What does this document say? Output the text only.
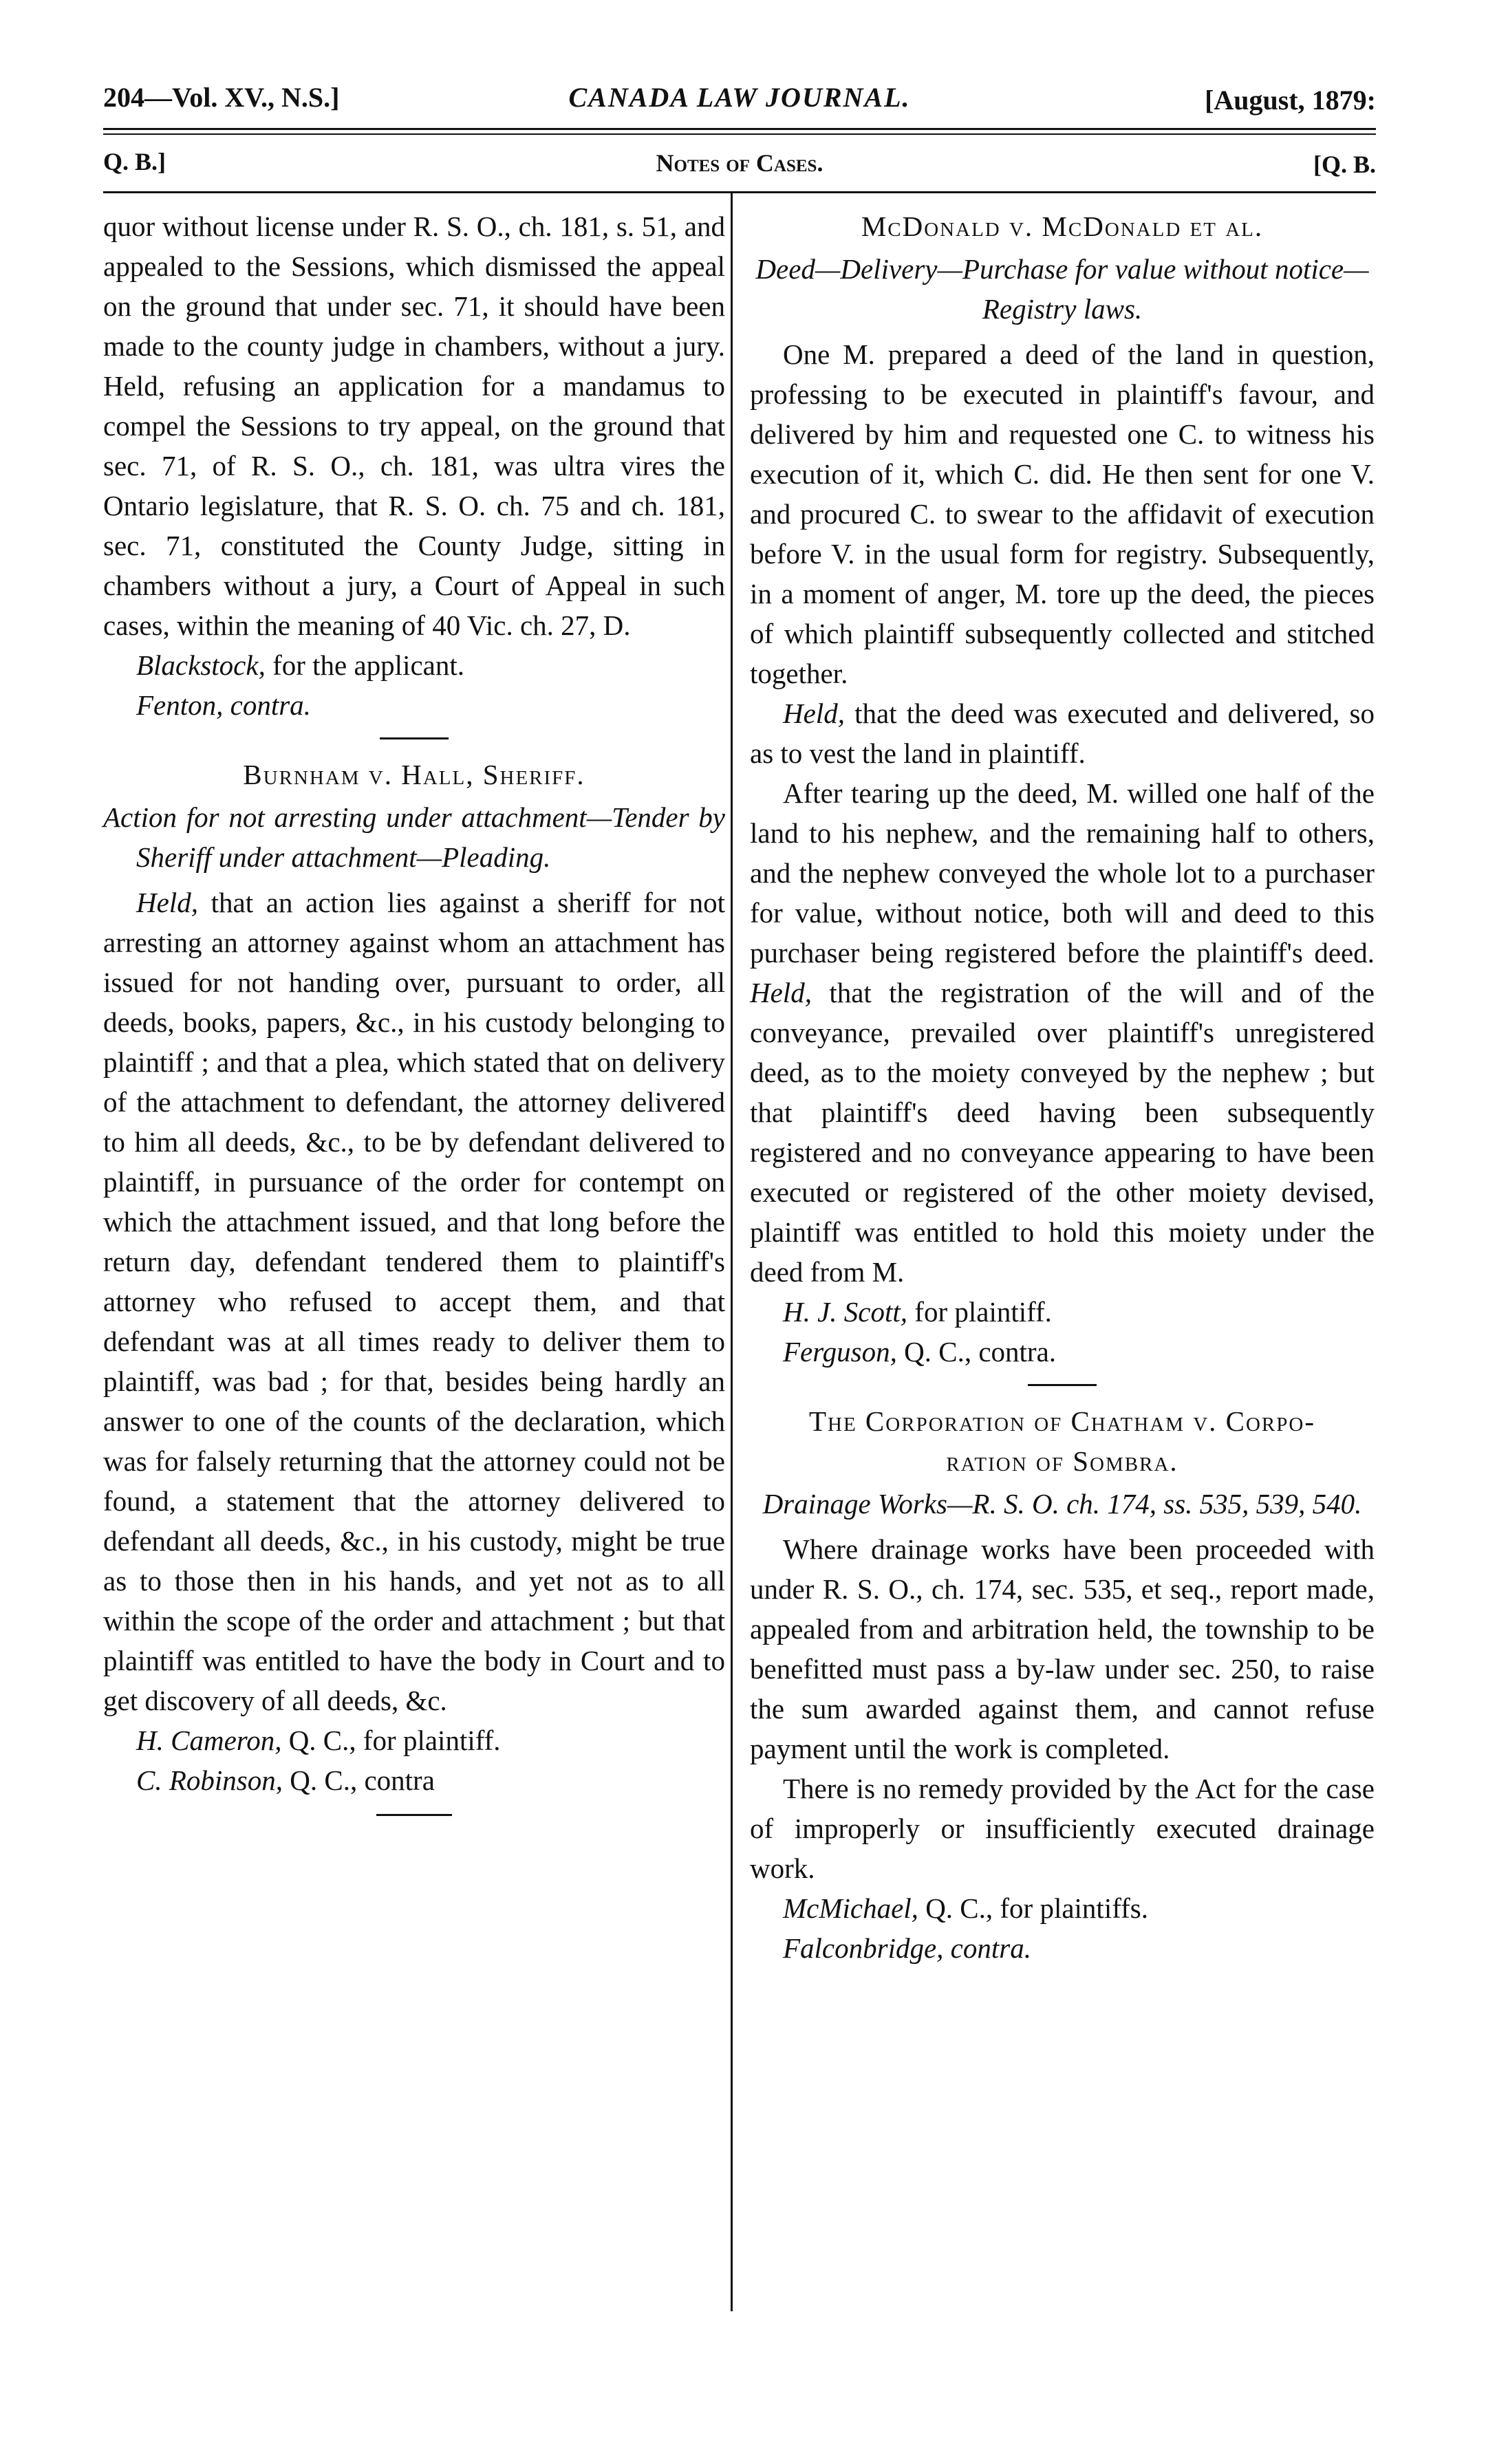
204—Vol. XV., N.S.]	CANADA LAW JOURNAL.	[August, 1879:
Q. B.]	Notes of Cases.	[Q. B.

quor without license under R. S. O., ch. 181, s. 51, and appealed to the Sessions, which dismissed the appeal on the ground that under sec. 71, it should have been made to the county judge in chambers, without a jury. Held, refusing an application for a mandamus to compel the Sessions to try appeal, on the ground that sec. 71, of R. S. O., ch. 181, was ultra vires the Ontario legislature, that R. S. O. ch. 75 and ch. 181, sec. 71, constituted the County Judge, sitting in chambers without a jury, a Court of Appeal in such cases, within the meaning of 40 Vic. ch. 27, D.

Blackstock, for the applicant.

Fenton, contra.

Burnham v. Hall, Sheriff.

Action for not arresting under attachment—Tender by Sheriff under attachment—Pleading.

Held, that an action lies against a sheriff for not arresting an attorney against whom an attachment has issued for not handing over, pursuant to order, all deeds, books, papers, &c., in his custody belonging to plaintiff ; and that a plea, which stated that on delivery of the attachment to defendant, the attorney delivered to him all deeds, &c., to be by defendant delivered to plaintiff, in pursuance of the order for contempt on which the attachment issued, and that long before the return day, defendant tendered them to plaintiff's attorney who refused to accept them, and that defendant was at all times ready to deliver them to plaintiff, was bad ; for that, besides being hardly an answer to one of the counts of the declaration, which was for falsely returning that the attorney could not be found, a statement that the attorney delivered to defendant all deeds, &c., in his custody, might be true as to those then in his hands, and yet not as to all within the scope of the order and attachment ; but that plaintiff was entitled to have the body in Court and to get discovery of all deeds, &c.

H. Cameron, Q. C., for plaintiff.

C. Robinson, Q. C., contra

McDonald v. McDonald et al.

Deed—Delivery—Purchase for value without notice—Registry laws.

One M. prepared a deed of the land in question, professing to be executed in plaintiff's favour, and delivered by him and requested one C. to witness his execution of it, which C. did. He then sent for one V. and procured C. to swear to the affidavit of execution before V. in the usual form for registry. Subsequently, in a moment of anger, M. tore up the deed, the pieces of which plaintiff subsequently collected and stitched together.

Held, that the deed was executed and delivered, so as to vest the land in plaintiff.

After tearing up the deed, M. willed one half of the land to his nephew, and the remaining half to others, and the nephew conveyed the whole lot to a purchaser for value, without notice, both will and deed to this purchaser being registered before the plaintiff's deed. Held, that the registration of the will and of the conveyance, prevailed over plaintiff's unregistered deed, as to the moiety conveyed by the nephew ; but that plaintiff's deed having been subsequently registered and no conveyance appearing to have been executed or registered of the other moiety devised, plaintiff was entitled to hold this moiety under the deed from M.

H. J. Scott, for plaintiff.

Ferguson, Q. C., contra.

The Corporation of Chatham v. Corpo-
ration of Sombra.

Drainage Works—R. S. O. ch. 174, ss. 535, 539, 540.

Where drainage works have been proceeded with under R. S. O., ch. 174, sec. 535, et seq., report made, appealed from and arbitration held, the township to be benefitted must pass a by-law under sec. 250, to raise the sum awarded against them, and cannot refuse payment until the work is completed.

There is no remedy provided by the Act for the case of improperly or insufficiently executed drainage work.

McMichael, Q. C., for plaintiffs.

Falconbridge, contra.
